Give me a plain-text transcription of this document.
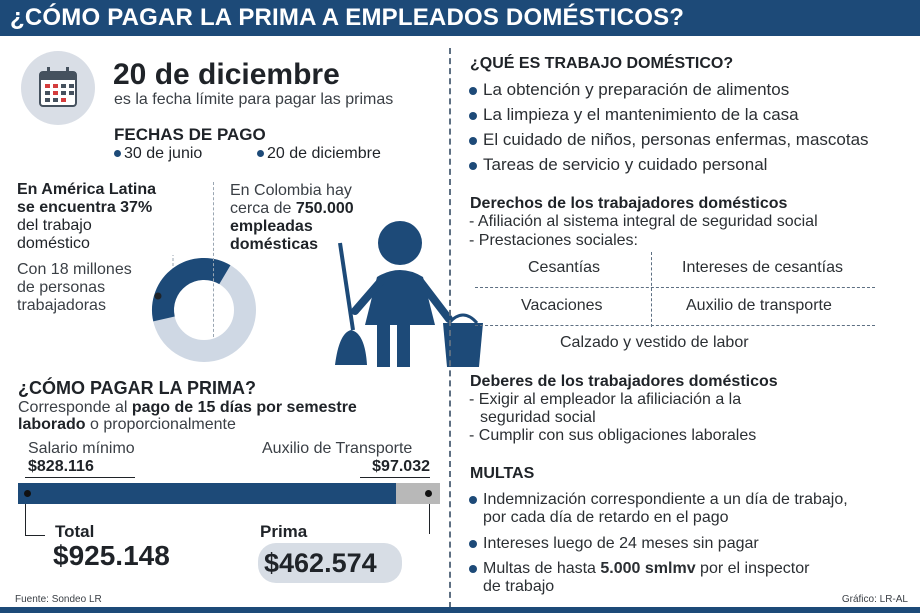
¿CÓMO PAGAR LA PRIMA A EMPLEADOS DOMÉSTICOS?
20 de diciembre
es la fecha límite para pagar las primas
FECHAS DE PAGO
30 de junio	20 de diciembre
En América Latina
se encuentra 37%
del trabajo
doméstico
Con 18 millones
de personas
trabajadoras
En Colombia hay
cerca de 750.000
empleadas
domésticas
¿CÓMO PAGAR LA PRIMA?
Corresponde al pago de 15 días por semestre
laborado o proporcionalmente
Salario mínimo
$828.116
Auxilio de Transporte
$97.032
Total
$925.148
Prima
$462.574
Fuente: Sondeo LR
¿QUÉ ES TRABAJO DOMÉSTICO?
La obtención y preparación de alimentos
La limpieza y el mantenimiento de la casa
El cuidado de niños, personas enfermas, mascotas
Tareas de servicio y cuidado personal
Derechos de los trabajadores domésticos
- Afiliación al sistema integral de seguridad social
- Prestaciones sociales:
Cesantías	Intereses de cesantías
Vacaciones	Auxilio de transporte
Calzado y vestido de labor
Deberes de los trabajadores domésticos
- Exigir al empleador la afiliciación a la
seguridad social
- Cumplir con sus obligaciones laborales
MULTAS
Indemnización correspondiente a un día de trabajo,
por cada día de retardo en el pago
Intereses luego de 24 meses sin pagar
Multas de hasta 5.000 smlmv por el inspector
de trabajo
Gráfico: LR-AL
